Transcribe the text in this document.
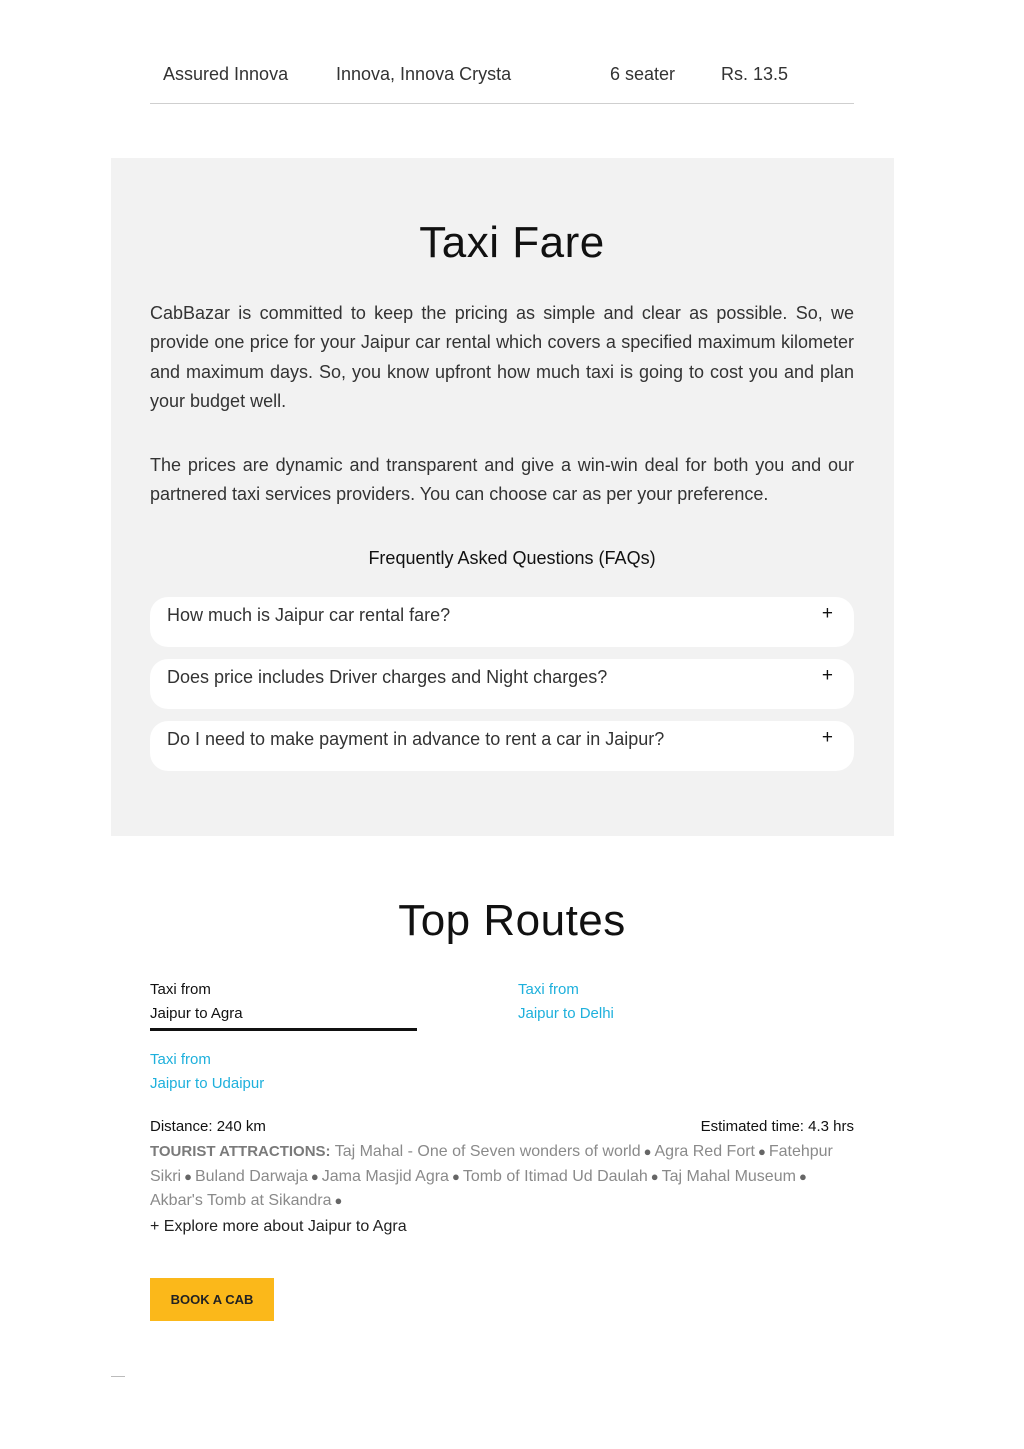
Assured Innova	Innova, Innova Crysta	6 seater	Rs. 13.5
Taxi Fare

CabBazar is committed to keep the pricing as simple and clear as possible. So, we provide one price for your Jaipur car rental which covers a specified maximum kilometer and maximum days. So, you know upfront how much taxi is going to cost you and plan your budget well.

The prices are dynamic and transparent and give a win-win deal for both you and our partnered taxi services providers. You can choose car as per your preference.

Frequently Asked Questions (FAQs)
How much is Jaipur car rental fare?	+
Does price includes Driver charges and Night charges?	+
Do I need to make payment in advance to rent a car in Jaipur?	+
Top Routes
Taxi from
Jaipur to Agra
Taxi from
Jaipur to Delhi
Taxi from
Jaipur to Udaipur
Distance: 240 km	Estimated time: 4.3 hrs
TOURIST ATTRACTIONS: Taj Mahal - One of Seven wonders of world ● Agra Red Fort ● Fatehpur Sikri ● Buland Darwaja ● Jama Masjid Agra ● Tomb of Itimad Ud Daulah ● Taj Mahal Museum ● Akbar's Tomb at Sikandra ●
+ Explore more about Jaipur to Agra
BOOK A CAB
